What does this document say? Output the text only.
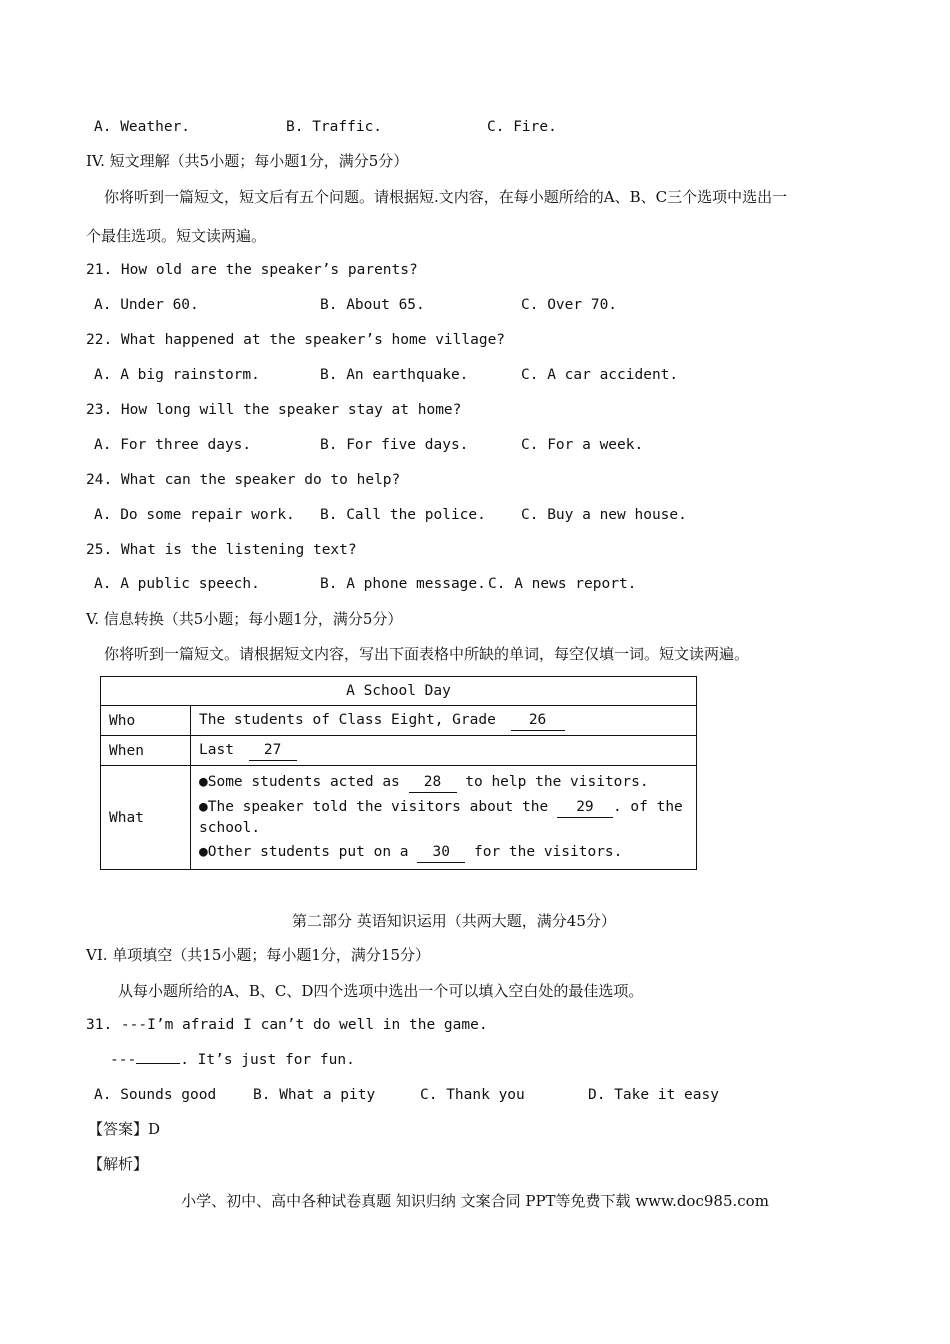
A. Weather.	B. Traffic.	C. Fire.
IV. 短文理解（共5小题；每小题1分，满分5分）
你将听到一篇短文，短文后有五个问题。请根据短.文内容，在每小题所给的A、B、C三个选项中选出一
个最佳选项。短文读两遍。
21. How old are the speaker’s parents?
A. Under 60.	B. About 65.	C. Over 70.
22. What happened at the speaker’s home village?
A. A big rainstorm.	B. An earthquake.	C. A car accident.
23. How long will the speaker stay at home?
A. For three days.	B. For five days.	C. For a week.
24. What can the speaker do to help?
A. Do some repair work. B. Call the police. C. Buy a new house.
25. What is the listening text?
A. A public speech.	B. A phone message. C. A news report.
V. 信息转换（共5小题；每小题1分，满分5分）
你将听到一篇短文。请根据短文内容，写出下面表格中所缺的单词，每空仅填一词。短文读两遍。
A School Day	
Who	The students of Class Eight, Grade 26
When	Last 27
What	●Some students acted as 28 to help the visitors.
●The speaker told the visitors about the 29 . of the school.
●Other students put on a 30 for the visitors.
第二部分 英语知识运用（共两大题，满分45分）
VI. 单项填空（共15小题；每小题1分，满分15分）
从每小题所给的A、B、C、D四个选项中选出一个可以填入空白处的最佳选项。
31. ---I’m afraid I can’t do well in the game.
---	. It’s just for fun.
A. Sounds good	B. What a pity	C. Thank you	D. Take it easy
【答案】D
【解析】
小学、初中、高中各种试卷真题 知识归纳 文案合同 PPT等免费下载 www.doc985.com
